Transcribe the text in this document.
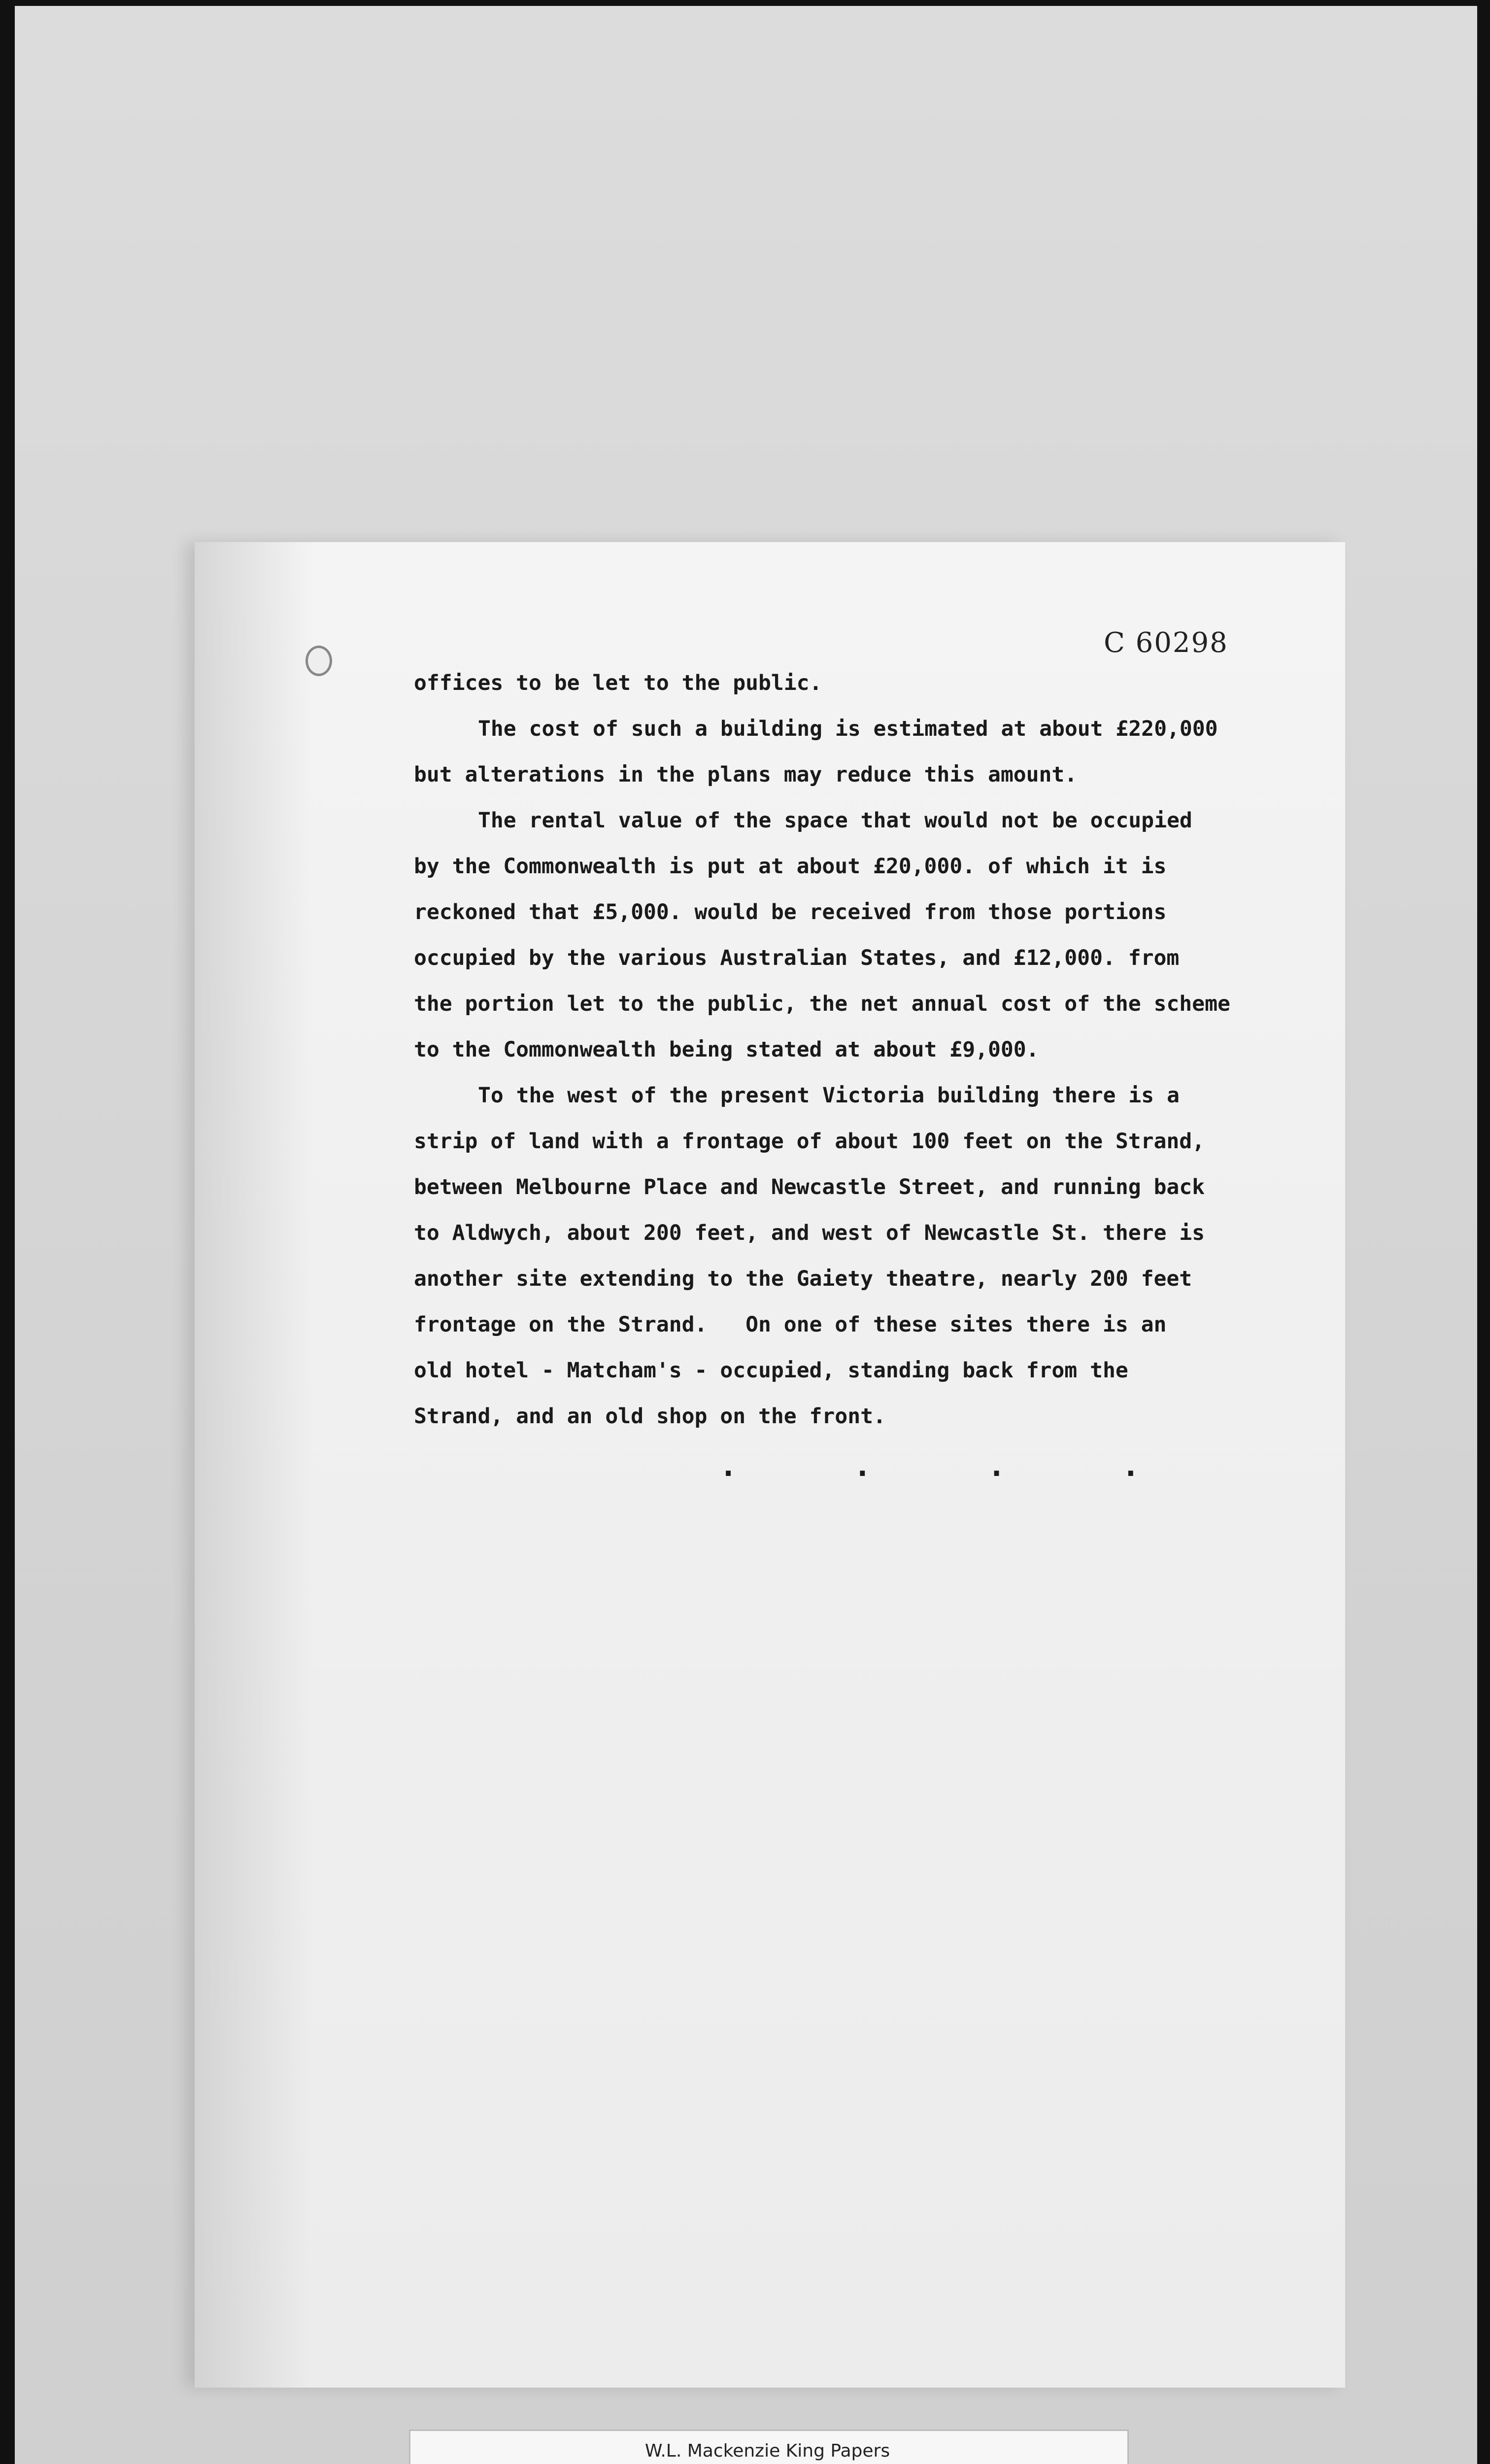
C 60298
offices to be let to the public.
The cost of such a building is estimated at about £220,000
but alterations in the plans may reduce this amount.
The rental value of the space that would not be occupied
by the Commonwealth is put at about £20,000. of which it is
reckoned that £5,000. would be received from those portions
occupied by the various Australian States, and £12,000. from
the portion let to the public, the net annual cost of the scheme
to the Commonwealth being stated at about £9,000.
To the west of the present Victoria building there is a
strip of land with a frontage of about 100 feet on the Strand,
between Melbourne Place and Newcastle Street, and running back
to Aldwych, about 200 feet, and west of Newcastle St. there is
another site extending to the Gaiety theatre, nearly 200 feet
frontage on the Strand.   On one of these sites there is an
old hotel - Matcham's - occupied, standing back from the
Strand, and an old shop on the front.
. . . .
W.L. Mackenzie King Papers
